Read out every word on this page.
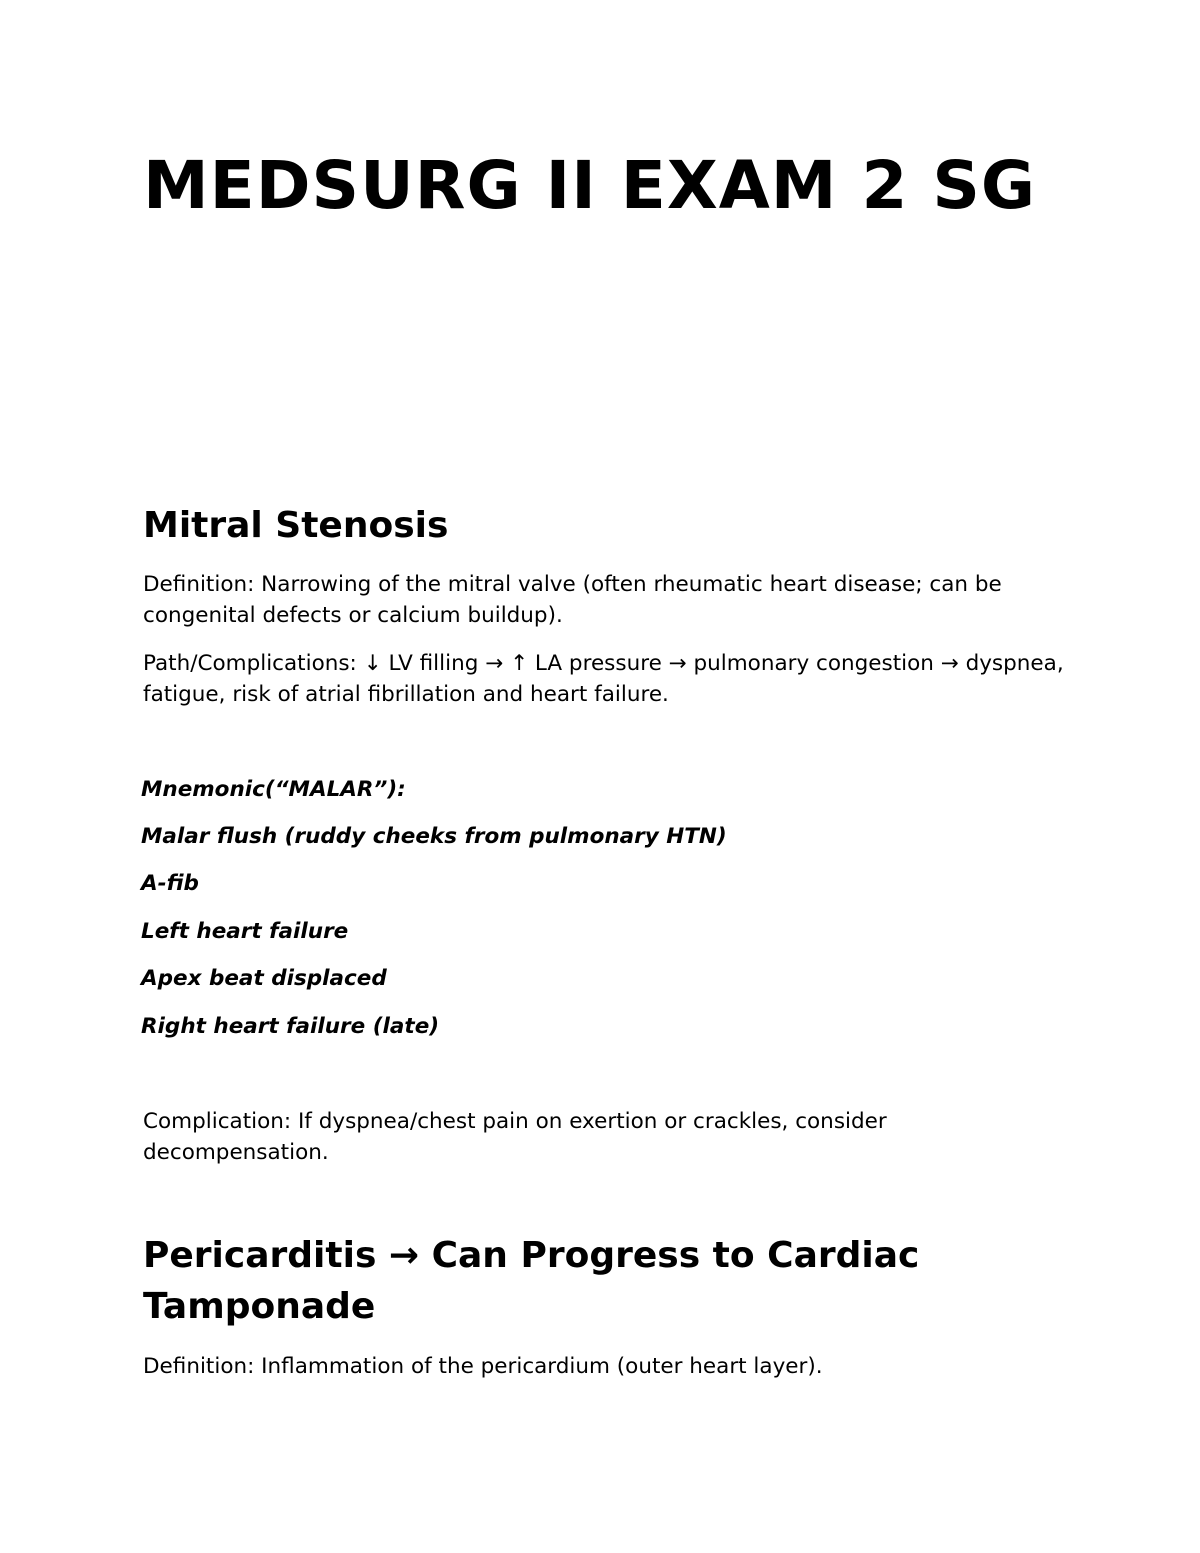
MEDSURG II EXAM 2 SG
Mitral Stenosis

Definition: Narrowing of the mitral valve (often rheumatic heart disease; can be congenital defects or calcium buildup).

Path/Complications: ↓ LV filling → ↑ LA pressure → pulmonary congestion → dyspnea, fatigue, risk of atrial fibrillation and heart failure.

Mnemonic(“MALAR”):

Malar flush (ruddy cheeks from pulmonary HTN)

A-fib

Left heart failure

Apex beat displaced

Right heart failure (late)

Complication: If dyspnea/chest pain on exertion or crackles, consider decompensation.

Pericarditis → Can Progress to Cardiac Tamponade

Definition: Inflammation of the pericardium (outer heart layer).
